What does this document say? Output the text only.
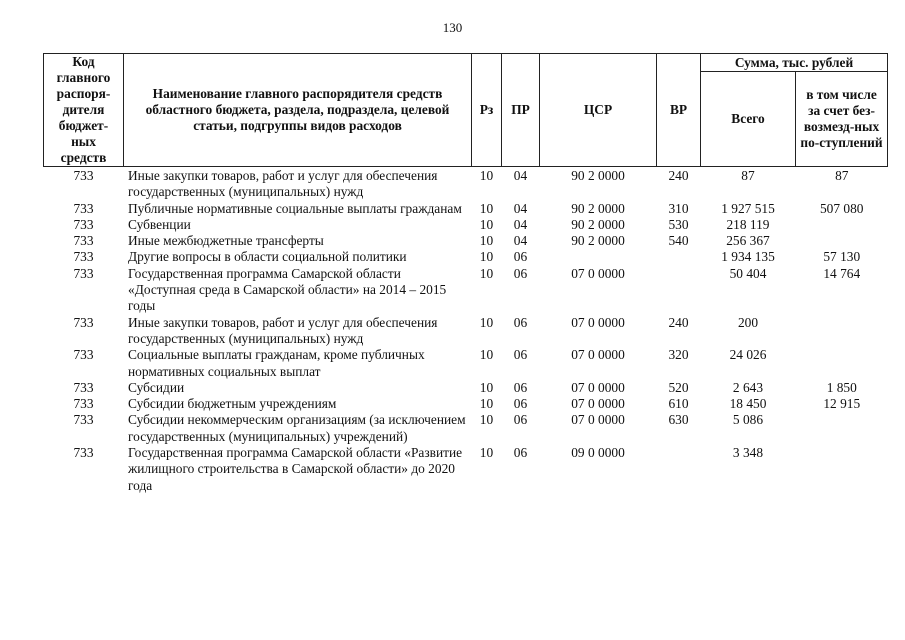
130
Код главного распоря-дителя бюджет-ных средств	Наименование главного распорядителя средств областного бюджета, раздела, подраздела, целевой статьи, подгруппы видов расходов	Рз	ПР	ЦСР	ВР	Сумма, тыс. рублей	
						Всего	в том числе за счет без-возмезд-ных по-ступлений
733	Иные закупки товаров, работ и услуг для обеспечения государственных (муниципальных) нужд	10	04	90 2 0000	240	87	87
733	Публичные нормативные социальные выплаты гражданам	10	04	90 2 0000	310	1 927 515	507 080
733	Субвенции	10	04	90 2 0000	530	218 119	
733	Иные межбюджетные трансферты	10	04	90 2 0000	540	256 367	
733	Другие вопросы в области социальной политики	10	06			1 934 135	57 130
733	Государственная программа Самарской области «Доступная среда в Самарской области» на 2014 – 2015 годы	10	06	07 0 0000		50 404	14 764
733	Иные закупки товаров, работ и услуг для обеспечения государственных (муниципальных) нужд	10	06	07 0 0000	240	200	
733	Социальные выплаты гражданам, кроме публичных нормативных социальных выплат	10	06	07 0 0000	320	24 026	
733	Субсидии	10	06	07 0 0000	520	2 643	1 850
733	Субсидии бюджетным учреждениям	10	06	07 0 0000	610	18 450	12 915
733	Субсидии некоммерческим организациям (за исключением государственных (муниципальных) учреждений)	10	06	07 0 0000	630	5 086	
733	Государственная программа Самарской области «Развитие жилищного строительства в Самарской области» до 2020 года	10	06	09 0 0000		3 348	
